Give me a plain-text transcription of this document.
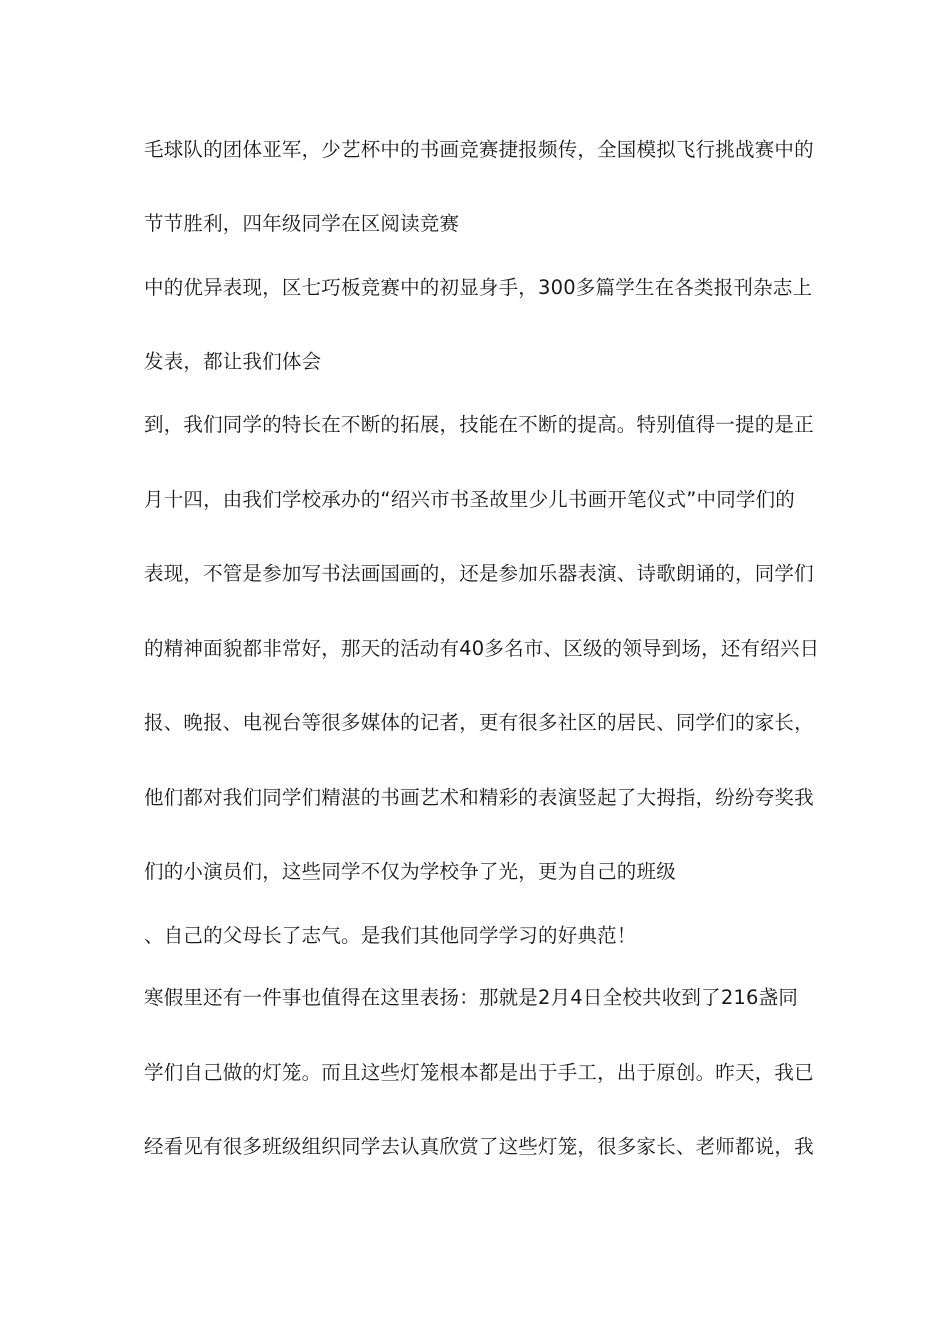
毛球队的团体亚军，少艺杯中的书画竞赛捷报频传，全国模拟飞行挑战赛中的
节节胜利，四年级同学在区阅读竞赛
中的优异表现，区七巧板竞赛中的初显身手，300多篇学生在各类报刊杂志上
发表，都让我们体会
到，我们同学的特长在不断的拓展，技能在不断的提高。特别值得一提的是正
月十四，由我们学校承办的“绍兴市书圣故里少儿书画开笔仪式”中同学们的
表现，不管是参加写书法画国画的，还是参加乐器表演、诗歌朗诵的，同学们
的精神面貌都非常好，那天的活动有40多名市、区级的领导到场，还有绍兴日
报、晚报、电视台等很多媒体的记者，更有很多社区的居民、同学们的家长，
他们都对我们同学们精湛的书画艺术和精彩的表演竖起了大拇指，纷纷夸奖我
们的小演员们，这些同学不仅为学校争了光，更为自己的班级
、自己的父母长了志气。是我们其他同学学习的好典范！
寒假里还有一件事也值得在这里表扬：那就是2月4日全校共收到了216盏同
学们自己做的灯笼。而且这些灯笼根本都是出于手工，出于原创。昨天，我已
经看见有很多班级组织同学去认真欣赏了这些灯笼，很多家长、老师都说，我
